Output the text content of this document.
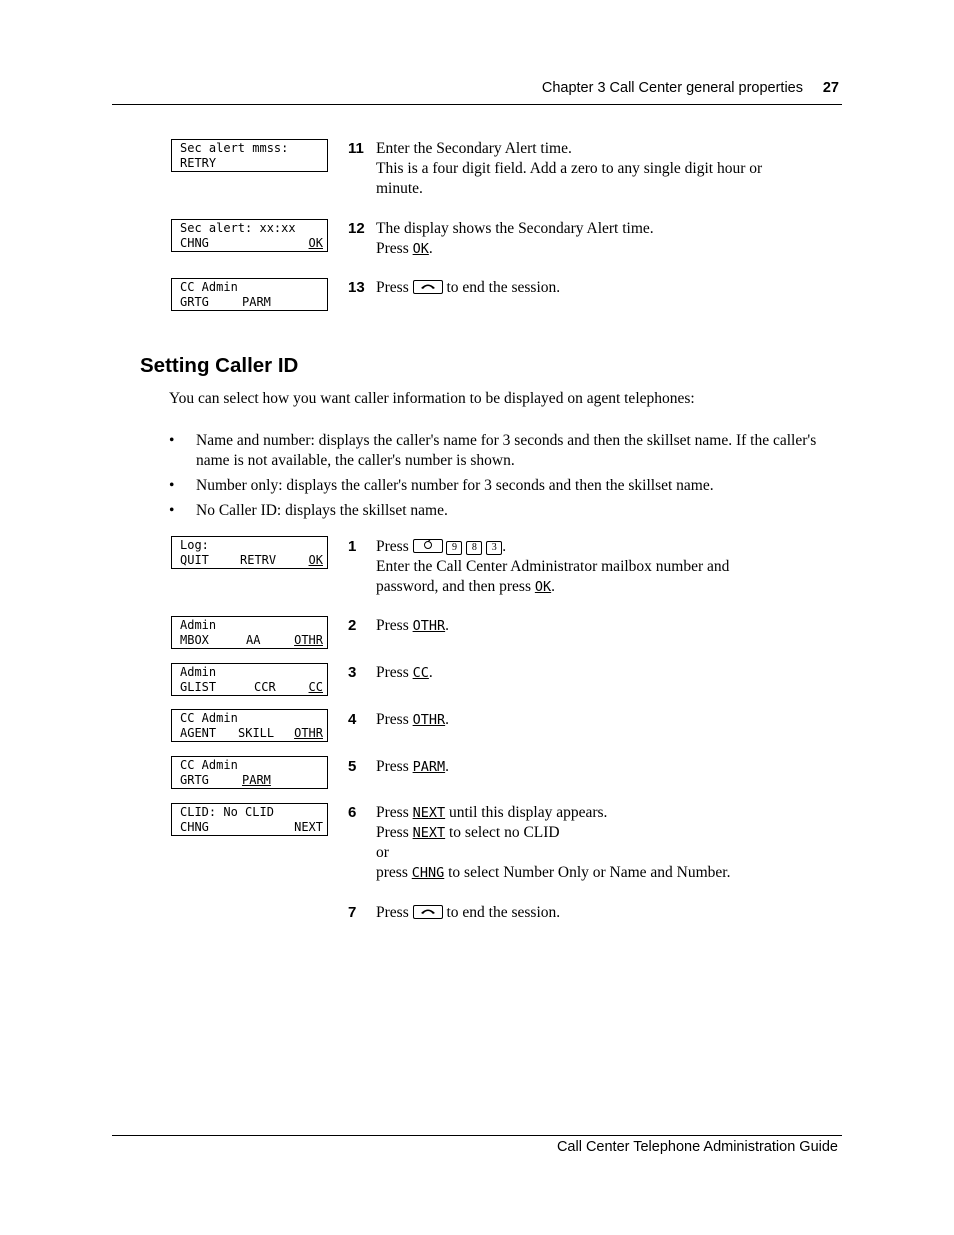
Chapter 3 Call Center general properties 27
Sec alert mmss:

RETRY

Sec alert: xx:xx

CHNG

	OK

CC Admin

GRTG

	PARM

11 Enter the Secondary Alert time.
This is a four digit field. Add a zero to any single digit hour or
minute.
12 The display shows the Secondary Alert time.
Press OK.
13 Press to end the session.
Setting Caller ID
You can select how you want caller information to be displayed on agent telephones:
• Name and number: displays the caller's name for 3 seconds and then the skillset name. If the caller's name is not available, the caller's number is shown.
• Number only: displays the caller's number for 3 seconds and then the skillset name.
• No Caller ID: displays the skillset name.
Log:

QUIT

	RETRV

	OK

Admin

MBOX

	AA

	OTHR

Admin

GLIST

	CCR

	CC

CC Admin

AGENT

SKILL

OTHR

CC Admin

GRTG

	PARM

CLID: No CLID

CHNG

	NEXT

1 Press	9 8 3 .
Enter the Call Center Administrator mailbox number and
password, and then press OK.
2 Press OTHR.
3 Press CC.
4 Press OTHR.
5 Press PARM.
6 Press NEXT until this display appears.
Press NEXT to select no CLID
or
press CHNG to select Number Only or Name and Number.
7 Press to end the session.
Call Center Telephone Administration Guide
